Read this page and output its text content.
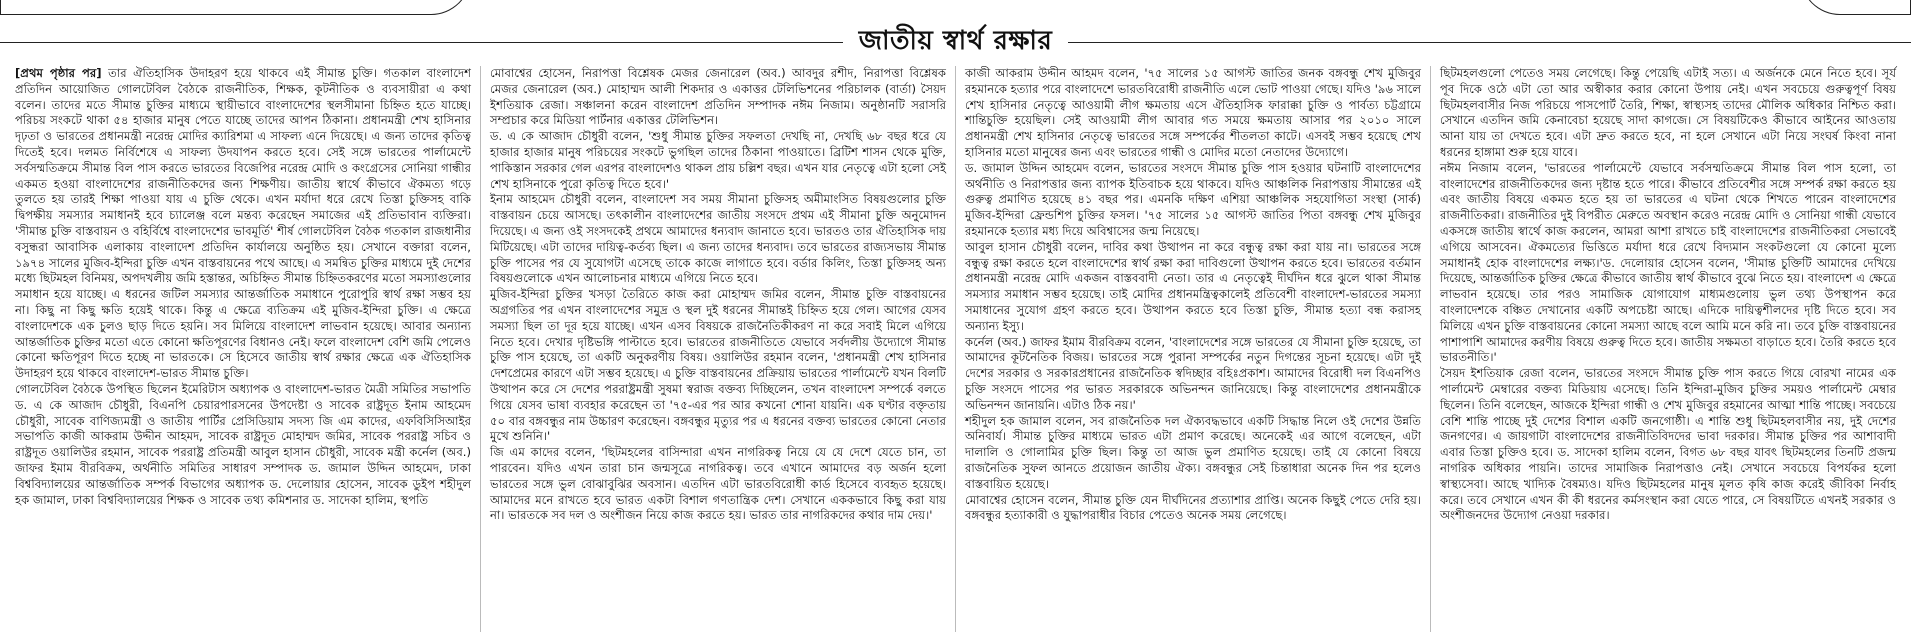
জাতীয় স্বার্থ রক্ষার

[প্রথম পৃষ্ঠার পর] তার ঐতিহাসিক উদাহরণ হয়ে থাকবে এই সীমান্ত চুক্তি। গতকাল বাংলাদেশ প্রতিদিন আয়োজিত গোলটেবিল বৈঠকে রাজনীতিক, শিক্ষক, কূটনীতিক ও ব্যবসায়ীরা এ কথা বলেন। তাদের মতে সীমান্ত চুক্তির মাধ্যমে স্থায়ীভাবে বাংলাদেশের স্থলসীমানা চিহ্নিত হতে যাচ্ছে। পরিচয় সংকটে থাকা ৫৪ হাজার মানুষ পেতে যাচ্ছে তাদের আপন ঠিকানা। প্রধানমন্ত্রী শেখ হাসিনার দৃঢ়তা ও ভারতের প্রধানমন্ত্রী নরেন্দ্র মোদির ক্যারিশমা এ সাফল্য এনে দিয়েছে। এ জন্য তাদের কৃতিত্ব দিতেই হবে। দলমত নির্বিশেষে এ সাফল্য উদযাপন করতে হবে। সেই সঙ্গে ভারতের পার্লামেন্টে সর্বসম্মতিক্রমে সীমান্ত বিল পাস করতে ভারতের বিজেপির নরেন্দ্র মোদি ও কংগ্রেসের সোনিয়া গান্ধীর একমত হওয়া বাংলাদেশের রাজনীতিকদের জন্য শিক্ষণীয়। জাতীয় স্বার্থে কীভাবে ঐকমত্য গড়ে তুলতে হয় তারই শিক্ষা পাওয়া যায় এ চুক্তি থেকে। এখন মর্যাদা ধরে রেখে তিস্তা চুক্তিসহ বাকি দ্বিপক্ষীয় সমস্যার সমাধানই হবে চ্যালেঞ্জ বলে মন্তব্য করেছেন সমাজের এই প্রতিভাবান ব্যক্তিরা। 'সীমান্ত চুক্তি বাস্তবায়ন ও বহির্বিশ্বে বাংলাদেশের ভাবমূর্তি' শীর্ষ গোলটেবিল বৈঠক গতকাল রাজধানীর বসুন্ধরা আবাসিক এলাকায় বাংলাদেশ প্রতিদিন কার্যালয়ে অনুষ্ঠিত হয়। সেখানে বক্তারা বলেন, ১৯৭৪ সালের মুজিব-ইন্দিরা চুক্তি এখন বাস্তবায়নের পথে আছে। এ সমন্বিত চুক্তির মাধ্যমে দুই দেশের মধ্যে ছিটমহল বিনিময়, অপদখলীয় জমি হস্তান্তর, অচিহ্নিত সীমান্ত চিহ্নিতকরণের মতো সমস্যাগুলোর সমাধান হয়ে যাচ্ছে। এ ধরনের জটিল সমস্যার আন্তর্জাতিক সমাধানে পুরোপুরি স্বার্থ রক্ষা সম্ভব হয় না। কিছু না কিছু ক্ষতি হয়েই থাকে। কিন্তু এ ক্ষেত্রে ব্যতিক্রম এই মুজিব-ইন্দিরা চুক্তি। এ ক্ষেত্রে বাংলাদেশকে এক চুলও ছাড় দিতে হয়নি। সব মিলিয়ে বাংলাদেশ লাভবান হয়েছে। আবার অন্যান্য আন্তর্জাতিক চুক্তির মতো এতে কোনো ক্ষতিপূরণের বিধানও নেই। ফলে বাংলাদেশ বেশি জমি পেলেও কোনো ক্ষতিপূরণ দিতে হচ্ছে না ভারতকে। সে হিসেবে জাতীয় স্বার্থ রক্ষার ক্ষেত্রে এক ঐতিহাসিক উদাহরণ হয়ে থাকবে বাংলাদেশ-ভারত সীমান্ত চুক্তি।

গোলটেবিল বৈঠকে উপস্থিত ছিলেন ইমেরিটাস অধ্যাপক ও বাংলাদেশ-ভারত মৈত্রী সমিতির সভাপতি ড. এ কে আজাদ চৌধুরী, বিএনপি চেয়ারপারসনের উপদেষ্টা ও সাবেক রাষ্ট্রদূত ইনাম আহমেদ চৌধুরী, সাবেক বাণিজ্যমন্ত্রী ও জাতীয় পার্টির প্রেসিডিয়াম সদস্য জি এম কাদের, এফবিসিসিআইর সভাপতি কাজী আকরাম উদ্দীন আহমদ, সাবেক রাষ্ট্রদূত মোহাম্মদ জমির, সাবেক পররাষ্ট্র সচিব ও রাষ্ট্রদূত ওয়ালিউর রহমান, সাবেক পররাষ্ট্র প্রতিমন্ত্রী আবুল হাসান চৌধুরী, সাবেক মন্ত্রী কর্নেল (অব.) জাফর ইমাম বীরবিক্রম, অর্থনীতি সমিতির সাধারণ সম্পাদক ড. জামাল উদ্দিন আহমেদ, ঢাকা বিশ্ববিদ্যালয়ের আন্তর্জাতিক সম্পর্ক বিভাগের অধ্যাপক ড. দেলোয়ার হোসেন, সাবেক ডুইপ শহীদুল হক জামাল, ঢাকা বিশ্ববিদ্যালয়ের শিক্ষক ও সাবেক তথ্য কমিশনার ড. সাদেকা হালিম, স্থপতি

মোবাশ্বের হোসেন, নিরাপত্তা বিশ্লেষক মেজর জেনারেল (অব.) আবদুর রশীদ, নিরাপত্তা বিশ্লেষক মেজর জেনারেল (অব.) মোহাম্মদ আলী শিকদার ও একাত্তর টেলিভিশনের পরিচালক (বার্তা) সৈয়দ ইশতিয়াক রেজা। সঞ্চালনা করেন বাংলাদেশ প্রতিদিন সম্পাদক নঈম নিজাম। অনুষ্ঠানটি সরাসরি সম্প্রচার করে মিডিয়া পার্টনার একাত্তর টেলিভিশন।

ড. এ কে আজাদ চৌধুরী বলেন, 'শুধু সীমান্ত চুক্তির সফলতা দেখছি না, দেখছি ৬৮ বছর ধরে যে হাজার হাজার মানুষ পরিচয়ের সংকটে ভুগছিল তাদের ঠিকানা পাওয়াতে। ব্রিটিশ শাসন থেকে মুক্তি, পাকিস্তান সরকার গেল এরপর বাংলাদেশও থাকল প্রায় চল্লিশ বছর। এখন যার নেতৃত্বে এটা হলো সেই শেখ হাসিনাকে পুরো কৃতিত্ব দিতে হবে।'

ইনাম আহমেদ চৌধুরী বলেন, বাংলাদেশ সব সময় সীমানা চুক্তিসহ অমীমাংসিত বিষয়গুলোর চুক্তি বাস্তবায়ন চেয়ে আসছে। তৎকালীন বাংলাদেশের জাতীয় সংসদে প্রথম এই সীমানা চুক্তি অনুমোদন দিয়েছে। এ জন্য ওই সংসদকেই প্রথমে আমাদের ধন্যবাদ জানাতে হবে। ভারতও তার ঐতিহাসিক দায় মিটিয়েছে। এটা তাদের দায়িত্ব-কর্তব্য ছিল। এ জন্য তাদের ধন্যবাদ। তবে ভারতের রাজ্যসভায় সীমান্ত চুক্তি পাসের পর যে সুযোগটা এসেছে তাকে কাজে লাগাতে হবে। বর্ডার কিলিং, তিস্তা চুক্তিসহ অন্য বিষয়গুলোকে এখন আলোচনার মাধ্যমে এগিয়ে নিতে হবে।

মুজিব-ইন্দিরা চুক্তির খসড়া তৈরিতে কাজ করা মোহাম্মদ জমির বলেন, সীমান্ত চুক্তি বাস্তবায়নের অগ্রগতির পর এখন বাংলাদেশের সমুদ্র ও স্থল দুই ধরনের সীমান্তই চিহ্নিত হয়ে গেল। আগের যেসব সমস্যা ছিল তা দূর হয়ে যাচ্ছে। এখন এসব বিষয়কে রাজনৈতিকীকরণ না করে সবাই মিলে এগিয়ে নিতে হবে। দেখার দৃষ্টিভঙ্গি পাল্টাতে হবে। ভারতের রাজনীতিতে যেভাবে সর্বদলীয় উদ্যোগে সীমান্ত চুক্তি পাস হয়েছে, তা একটি অনুকরণীয় বিষয়। ওয়ালিউর রহমান বলেন, 'প্রধানমন্ত্রী শেখ হাসিনার দেশপ্রেমের কারণে এটা সম্ভব হয়েছে। এ চুক্তি বাস্তবায়নের প্রক্রিয়ায় ভারতের পার্লামেন্টে যখন বিলটি উত্থাপন করে সে দেশের পররাষ্ট্রমন্ত্রী সুষমা স্বরাজ বক্তব্য দিচ্ছিলেন, তখন বাংলাদেশ সম্পর্কে বলতে গিয়ে যেসব ভাষা ব্যবহার করেছেন তা '৭৫-এর পর আর কখনো শোনা যায়নি। এক ঘণ্টার বক্তৃতায় ৫০ বার বঙ্গবন্ধুর নাম উচ্চারণ করেছেন। বঙ্গবন্ধুর মৃত্যুর পর এ ধরনের বক্তব্য ভারতের কোনো নেতার মুখে শুনিনি।'

জি এম কাদের বলেন, 'ছিটমহলের বাসিন্দারা এখন নাগরিকত্ব নিয়ে যে যে দেশে যেতে চান, তা পারবেন। যদিও এখন তারা চান জন্মসূত্রে নাগরিকত্ব। তবে এখানে আমাদের বড় অর্জন হলো ভারতের সঙ্গে ভুল বোঝাবুঝির অবসান। এতদিন এটা ভারতবিরোধী কার্ড হিসেবে ব্যবহৃত হয়েছে। আমাদের মনে রাখতে হবে ভারত একটা বিশাল গণতান্ত্রিক দেশ। সেখানে এককভাবে কিছু করা যায় না। ভারতকে সব দল ও অংশীজন নিয়ে কাজ করতে হয়। ভারত তার নাগরিকদের কথার দাম দেয়।'

কাজী আকরাম উদ্দীন আহমদ বলেন, '৭৫ সালের ১৫ আগস্ট জাতির জনক বঙ্গবন্ধু শেখ মুজিবুর রহমানকে হত্যার পরে বাংলাদেশে ভারতবিরোধী রাজনীতি এলে ভোট পাওয়া গেছে। যদিও '৯৬ সালে শেখ হাসিনার নেতৃত্বে আওয়ামী লীগ ক্ষমতায় এসে ঐতিহাসিক ফারাক্কা চুক্তি ও পার্বত্য চট্টগ্রামে শান্তিচুক্তি হয়েছিল। সেই আওয়ামী লীগ আবার গত সময়ে ক্ষমতায় আসার পর ২০১০ সালে প্রধানমন্ত্রী শেখ হাসিনার নেতৃত্বে ভারতের সঙ্গে সম্পর্কের শীতলতা কাটে। এসবই সম্ভব হয়েছে শেখ হাসিনার মতো মানুষের জন্য এবং ভারতের গান্ধী ও মোদির মতো নেতাদের উদ্যোগে।

ড. জামাল উদ্দিন আহমেদ বলেন, ভারতের সংসদে সীমান্ত চুক্তি পাস হওয়ার ঘটনাটি বাংলাদেশের অর্থনীতি ও নিরাপত্তার জন্য ব্যাপক ইতিবাচক হয়ে থাকবে। যদিও আঞ্চলিক নিরাপত্তায় সীমান্তের এই গুরুত্ব প্রমাণিত হয়েছে ৪১ বছর পর। এমনকি দক্ষিণ এশিয়া আঞ্চলিক সহযোগিতা সংস্থা (সার্ক) মুজিব-ইন্দিরা ফ্রেন্ডশিপ চুক্তির ফসল। '৭৫ সালের ১৫ আগস্ট জাতির পিতা বঙ্গবন্ধু শেখ মুজিবুর রহমানকে হত্যার মধ্য দিয়ে অবিশ্বাসের জন্ম নিয়েছে।

আবুল হাসান চৌধুরী বলেন, দাবির কথা উত্থাপন না করে বন্ধুত্ব রক্ষা করা যায় না। ভারতের সঙ্গে বন্ধুত্ব রক্ষা করতে হলে বাংলাদেশের স্বার্থ রক্ষা করা দাবিগুলো উত্থাপন করতে হবে। ভারতের বর্তমান প্রধানমন্ত্রী নরেন্দ্র মোদি একজন বাস্তববাদী নেতা। তার এ নেতৃত্বেই দীর্ঘদিন ধরে ঝুলে থাকা সীমান্ত সমস্যার সমাধান সম্ভব হয়েছে। তাই মোদির প্রধানমন্ত্রিত্বকালেই প্রতিবেশী বাংলাদেশ-ভারতের সমস্যা সমাধানের সুযোগ গ্রহণ করতে হবে। উত্থাপন করতে হবে তিস্তা চুক্তি, সীমান্ত হত্যা বন্ধ করাসহ অন্যান্য ইস্যু।

কর্নেল (অব.) জাফর ইমাম বীরবিক্রম বলেন, 'বাংলাদেশের সঙ্গে ভারতের যে সীমানা চুক্তি হয়েছে, তা আমাদের কূটনৈতিক বিজয়। ভারতের সঙ্গে পুরানা সম্পর্কের নতুন দিগন্তের সূচনা হয়েছে। এটা দুই দেশের সরকার ও সরকারপ্রধানের রাজনৈতিক স্বদিচ্ছার বহিঃপ্রকাশ। আমাদের বিরোধী দল বিএনপিও চুক্তি সংসদে পাসের পর ভারত সরকারকে অভিনন্দন জানিয়েছে। কিন্তু বাংলাদেশের প্রধানমন্ত্রীকে অভিনন্দন জানায়নি। এটাও ঠিক নয়।'

শহীদুল হক জামাল বলেন, সব রাজনৈতিক দল ঐক্যবদ্ধভাবে একটি সিদ্ধান্ত নিলে ওই দেশের উন্নতি অনিবার্য। সীমান্ত চুক্তির মাধ্যমে ভারত এটা প্রমাণ করেছে। অনেকেই এর আগে বলেছেন, এটা দালালি ও গোলামির চুক্তি ছিল। কিন্তু তা আজ ভুল প্রমাণিত হয়েছে। তাই যে কোনো বিষয়ে রাজনৈতিক সুফল আনতে প্রয়োজন জাতীয় ঐক্য। বঙ্গবন্ধুর সেই চিন্তাধারা অনেক দিন পর হলেও বাস্তবায়িত হয়েছে।

মোবাশ্বের হোসেন বলেন, সীমান্ত চুক্তি যেন দীর্ঘদিনের প্রত্যাশার প্রাপ্তি। অনেক কিছুই পেতে দেরি হয়। বঙ্গবন্ধুর হত্যাকারী ও যুদ্ধাপরাধীর বিচার পেতেও অনেক সময় লেগেছে।

ছিটমহলগুলো পেতেও সময় লেগেছে। কিন্তু পেয়েছি এটাই সত্য। এ অর্জনকে মেনে নিতে হবে। সূর্য পূব দিকে ওঠে এটা তো আর অস্বীকার করার কোনো উপায় নেই। এখন সবচেয়ে গুরুত্বপূর্ণ বিষয় ছিটমহলবাসীর নিজ পরিচয়ে পাসপোর্ট তৈরি, শিক্ষা, স্বাস্থ্যসহ তাদের মৌলিক অধিকার নিশ্চিত করা। সেখানে এতদিন জমি কেনাবেচা হয়েছে সাদা কাগজে। সে বিষয়টিকেও কীভাবে আইনের আওতায় আনা যায় তা দেখতে হবে। এটা দ্রুত করতে হবে, না হলে সেখানে এটা নিয়ে সংঘর্ষ কিংবা নানা ধরনের হাঙ্গামা শুরু হয়ে যাবে।

নঈম নিজাম বলেন, 'ভারতের পার্লামেন্টে যেভাবে সর্বসম্মতিক্রমে সীমান্ত বিল পাস হলো, তা বাংলাদেশের রাজনীতিকদের জন্য দৃষ্টান্ত হতে পারে। কীভাবে প্রতিবেশীর সঙ্গে সম্পর্ক রক্ষা করতে হয় এবং জাতীয় বিষয়ে একমত হতে হয় তা ভারতের এ ঘটনা থেকে শিখতে পারেন বাংলাদেশের রাজনীতিকরা। রাজনীতির দুই বিপরীত মেরুতে অবস্থান করেও নরেন্দ্র মোদি ও সোনিয়া গান্ধী যেভাবে একসঙ্গে জাতীয় স্বার্থে কাজ করলেন, আমরা আশা রাখতে চাই বাংলাদেশের রাজনীতিকরা সেভাবেই এগিয়ে আসবেন। ঐকমত্যের ভিত্তিতে মর্যাদা ধরে রেখে বিদ্যমান সংকটগুলো যে কোনো মূল্যে সমাধানই হোক বাংলাদেশের লক্ষ্য।'ড. দেলোয়ার হোসেন বলেন, 'সীমান্ত চুক্তিটি আমাদের দেখিয়ে দিয়েছে, আন্তর্জাতিক চুক্তির ক্ষেত্রে কীভাবে জাতীয় স্বার্থ কীভাবে বুঝে নিতে হয়। বাংলাদেশ এ ক্ষেত্রে লাভবান হয়েছে। তার পরও সামাজিক যোগাযোগ মাধ্যমগুলোয় ভুল তথ্য উপস্থাপন করে বাংলাদেশকে বঞ্চিত দেখানোর একটি অপচেষ্টা আছে। এদিকে দায়িত্বশীলদের দৃষ্টি দিতে হবে। সব মিলিয়ে এখন চুক্তি বাস্তবায়নের কোনো সমস্যা আছে বলে আমি মনে করি না। তবে চুক্তি বাস্তবায়নের পাশাপাশি আমাদের করণীয় বিষয়ে গুরুত্ব দিতে হবে। জাতীয় সক্ষমতা বাড়াতে হবে। তৈরি করতে হবে ভারতনীতি।'

সৈয়দ ইশতিয়াক রেজা বলেন, ভারতের সংসদে সীমান্ত চুক্তি পাস করতে গিয়ে বোরখা নামের এক পার্লামেন্ট মেম্বারের বক্তব্য মিডিয়ায় এসেছে। তিনি ইন্দিরা-মুজিব চুক্তির সময়ও পার্লামেন্ট মেম্বার ছিলেন। তিনি বলেছেন, আজকে ইন্দিরা গান্ধী ও শেখ মুজিবুর রহমানের আত্মা শান্তি পাচ্ছে। সবচেয়ে বেশি শান্তি পাচ্ছে দুই দেশের বিশাল একটি জনগোষ্ঠী। এ শান্তি শুধু ছিটমহলবাসীর নয়, দুই দেশের জনগণের। এ জায়গাটা বাংলাদেশের রাজনীতিবিদদের ভাবা দরকার। সীমান্ত চুক্তির পর আশাবাদী এবার তিস্তা চুক্তিও হবে। ড. সাদেকা হালিম বলেন, বিগত ৬৮ বছর যাবৎ ছিটমহলের তিনটি প্রজন্ম নাগরিক অধিকার পায়নি। তাদের সামাজিক নিরাপত্তাও নেই। সেখানে সবচেয়ে বিপর্যকর হলো স্বাস্থ্যসেবা। আছে খাদ্যিক বৈষম্যও। যদিও ছিটমহলের মানুষ মূলত কৃষি কাজ করেই জীবিকা নির্বাহ করে। তবে সেখানে এখন কী কী ধরনের কর্মসংস্থান করা যেতে পারে, সে বিষয়টিতে এখনই সরকার ও অংশীজনদের উদ্যোগ নেওয়া দরকার।
